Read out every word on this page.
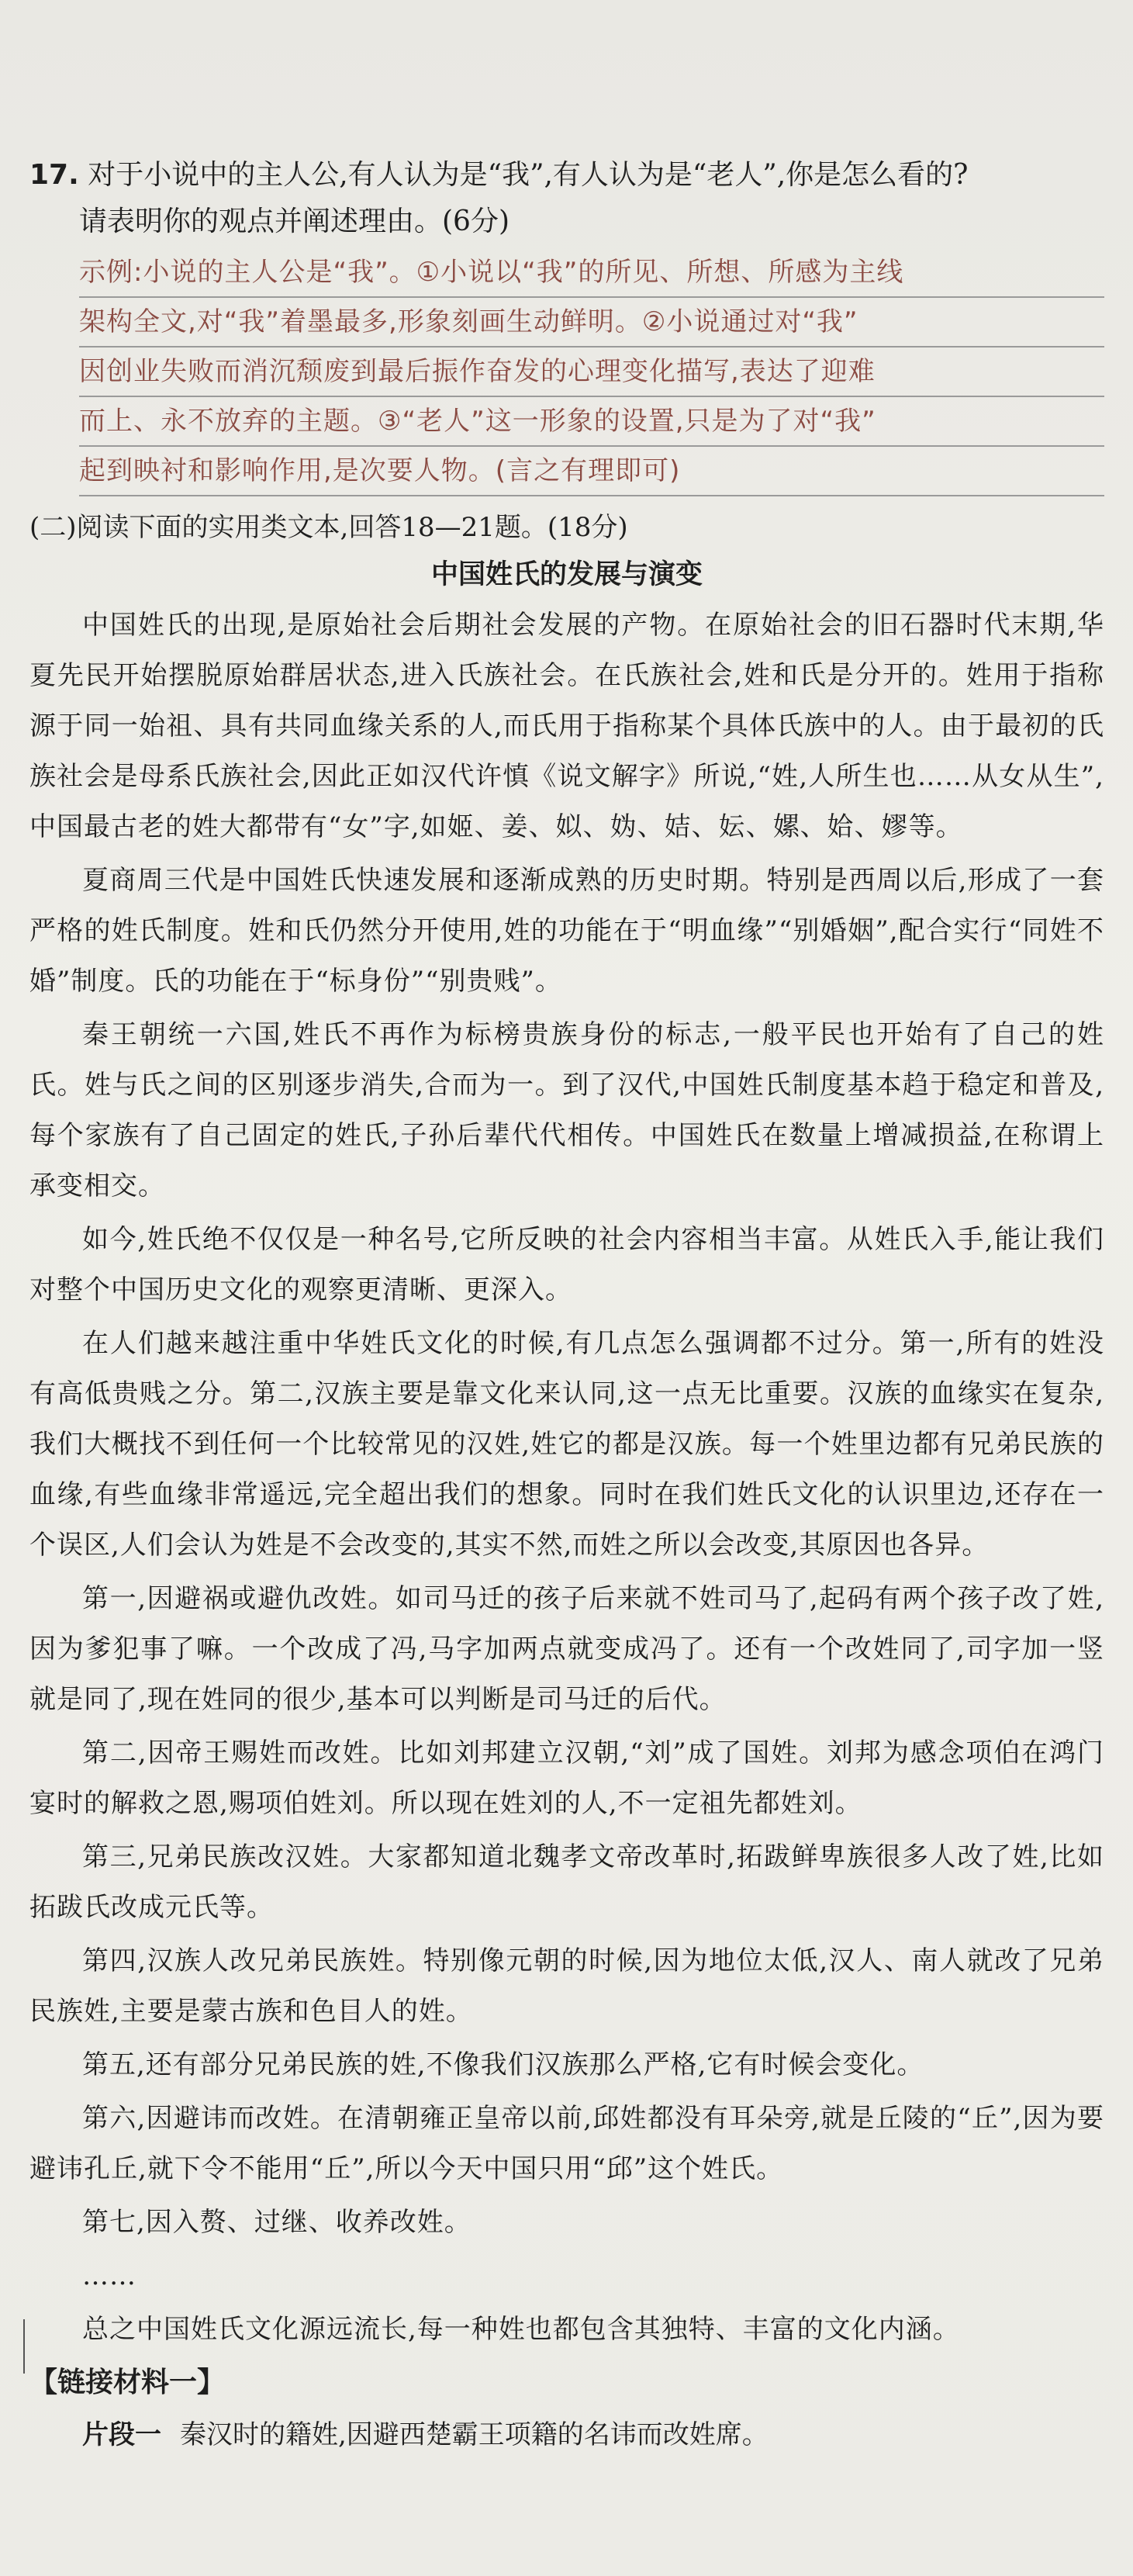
17. 对于小说中的主人公,有人认为是“我”,有人认为是“老人”,你是怎么看的?
请表明你的观点并阐述理由。(6分)
示例:小说的主人公是“我”。①小说以“我”的所见、所想、所感为主线
架构全文,对“我”着墨最多,形象刻画生动鲜明。②小说通过对“我”
因创业失败而消沉颓废到最后振作奋发的心理变化描写,表达了迎难
而上、永不放弃的主题。③“老人”这一形象的设置,只是为了对“我”
起到映衬和影响作用,是次要人物。(言之有理即可)
(二)阅读下面的实用类文本,回答18—21题。(18分)
中国姓氏的发展与演变

中国姓氏的出现,是原始社会后期社会发展的产物。在原始社会的旧石器时代末期,华夏先民开始摆脱原始群居状态,进入氏族社会。在氏族社会,姓和氏是分开的。姓用于指称源于同一始祖、具有共同血缘关系的人,而氏用于指称某个具体氏族中的人。由于最初的氏族社会是母系氏族社会,因此正如汉代许慎《说文解字》所说,“姓,人所生也……从女从生”,中国最古老的姓大都带有“女”字,如姬、姜、姒、妫、姞、妘、嫘、姶、嫪等。

夏商周三代是中国姓氏快速发展和逐渐成熟的历史时期。特别是西周以后,形成了一套严格的姓氏制度。姓和氏仍然分开使用,姓的功能在于“明血缘”“别婚姻”,配合实行“同姓不婚”制度。氏的功能在于“标身份”“别贵贱”。

秦王朝统一六国,姓氏不再作为标榜贵族身份的标志,一般平民也开始有了自己的姓氏。姓与氏之间的区别逐步消失,合而为一。到了汉代,中国姓氏制度基本趋于稳定和普及,每个家族有了自己固定的姓氏,子孙后辈代代相传。中国姓氏在数量上增减损益,在称谓上承变相交。

如今,姓氏绝不仅仅是一种名号,它所反映的社会内容相当丰富。从姓氏入手,能让我们对整个中国历史文化的观察更清晰、更深入。

在人们越来越注重中华姓氏文化的时候,有几点怎么强调都不过分。第一,所有的姓没有高低贵贱之分。第二,汉族主要是靠文化来认同,这一点无比重要。汉族的血缘实在复杂,我们大概找不到任何一个比较常见的汉姓,姓它的都是汉族。每一个姓里边都有兄弟民族的血缘,有些血缘非常遥远,完全超出我们的想象。同时在我们姓氏文化的认识里边,还存在一个误区,人们会认为姓是不会改变的,其实不然,而姓之所以会改变,其原因也各异。

第一,因避祸或避仇改姓。如司马迁的孩子后来就不姓司马了,起码有两个孩子改了姓,因为爹犯事了嘛。一个改成了冯,马字加两点就变成冯了。还有一个改姓同了,司字加一竖就是同了,现在姓同的很少,基本可以判断是司马迁的后代。

第二,因帝王赐姓而改姓。比如刘邦建立汉朝,“刘”成了国姓。刘邦为感念项伯在鸿门宴时的解救之恩,赐项伯姓刘。所以现在姓刘的人,不一定祖先都姓刘。

第三,兄弟民族改汉姓。大家都知道北魏孝文帝改革时,拓跋鲜卑族很多人改了姓,比如拓跋氏改成元氏等。

第四,汉族人改兄弟民族姓。特别像元朝的时候,因为地位太低,汉人、南人就改了兄弟民族姓,主要是蒙古族和色目人的姓。

第五,还有部分兄弟民族的姓,不像我们汉族那么严格,它有时候会变化。

第六,因避讳而改姓。在清朝雍正皇帝以前,邱姓都没有耳朵旁,就是丘陵的“丘”,因为要避讳孔丘,就下令不能用“丘”,所以今天中国只用“邱”这个姓氏。

第七,因入赘、过继、收养改姓。

……

总之中国姓氏文化源远流长,每一种姓也都包含其独特、丰富的文化内涵。

【链接材料一】
片段一 秦汉时的籍姓,因避西楚霸王项籍的名讳而改姓席。
